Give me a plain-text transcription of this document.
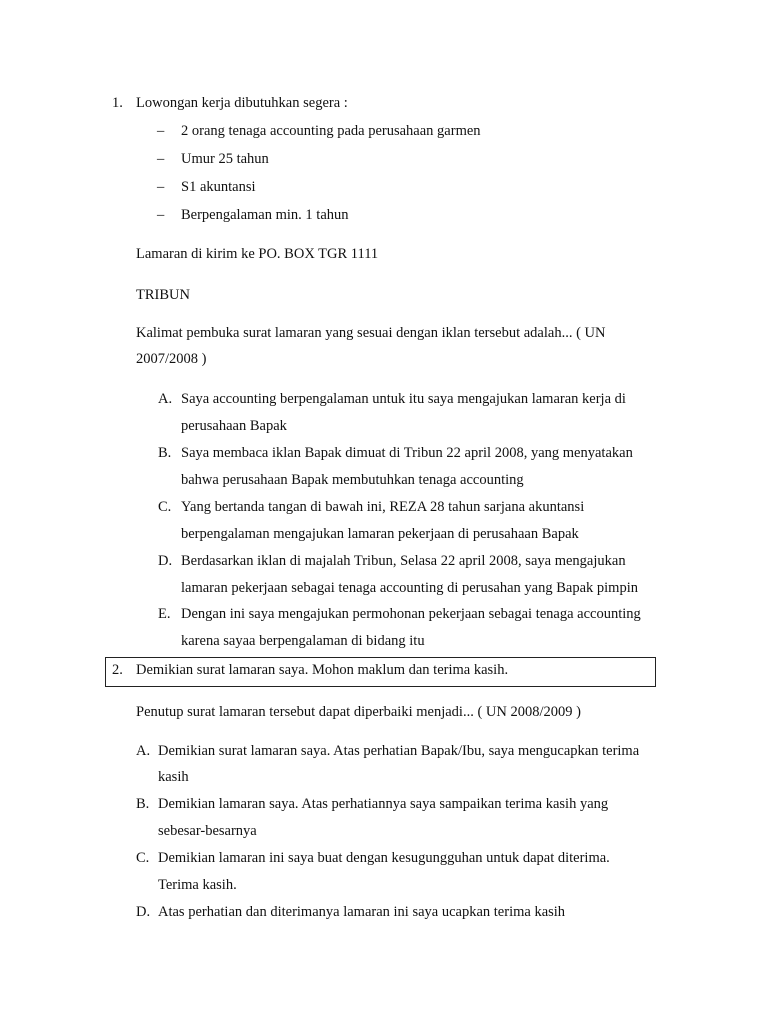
1. Lowongan kerja dibutuhkan segera :
– 2 orang tenaga accounting pada perusahaan garmen
– Umur 25 tahun
– S1 akuntansi
– Berpengalaman min. 1 tahun
Lamaran di kirim ke PO. BOX TGR 1111
TRIBUN
Kalimat pembuka surat lamaran yang sesuai dengan iklan tersebut adalah... ( UN
2007/2008 )
A. Saya accounting berpengalaman untuk itu saya mengajukan lamaran kerja di
perusahaan Bapak
B. Saya membaca iklan Bapak dimuat di Tribun 22 april 2008, yang menyatakan
bahwa perusahaan Bapak membutuhkan tenaga accounting
C. Yang bertanda tangan di bawah ini, REZA 28 tahun sarjana akuntansi
berpengalaman mengajukan lamaran pekerjaan di perusahaan Bapak
D. Berdasarkan iklan di majalah Tribun, Selasa 22 april 2008, saya mengajukan
lamaran pekerjaan sebagai tenaga accounting di perusahan yang Bapak pimpin
E. Dengan ini saya mengajukan permohonan pekerjaan sebagai tenaga accounting
karena sayaa berpengalaman di bidang itu
2. Demikian surat lamaran saya. Mohon maklum dan terima kasih.
Penutup surat lamaran tersebut dapat diperbaiki menjadi... ( UN 2008/2009 )
A. Demikian surat lamaran saya. Atas perhatian Bapak/Ibu, saya mengucapkan terima
kasih
B. Demikian lamaran saya. Atas perhatiannya saya sampaikan terima kasih yang
sebesar-besarnya
C. Demikian lamaran ini saya buat dengan kesugungguhan untuk dapat diterima.
Terima kasih.
D. Atas perhatian dan diterimanya lamaran ini saya ucapkan terima kasih
